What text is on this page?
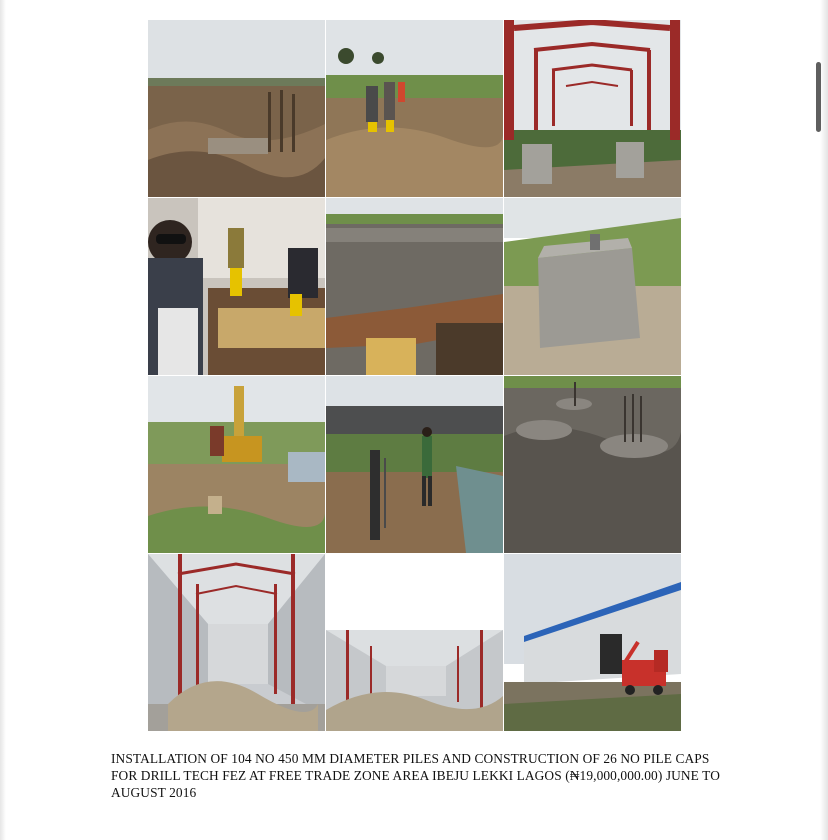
INSTALLATION OF 104 NO 450 MM DIAMETER PILES AND CONSTRUCTION OF 26 NO PILE CAPS FOR DRILL TECH FEZ AT FREE TRADE ZONE AREA IBEJU LEKKI LAGOS (₦19,000,000.00) JUNE TO AUGUST 2016
